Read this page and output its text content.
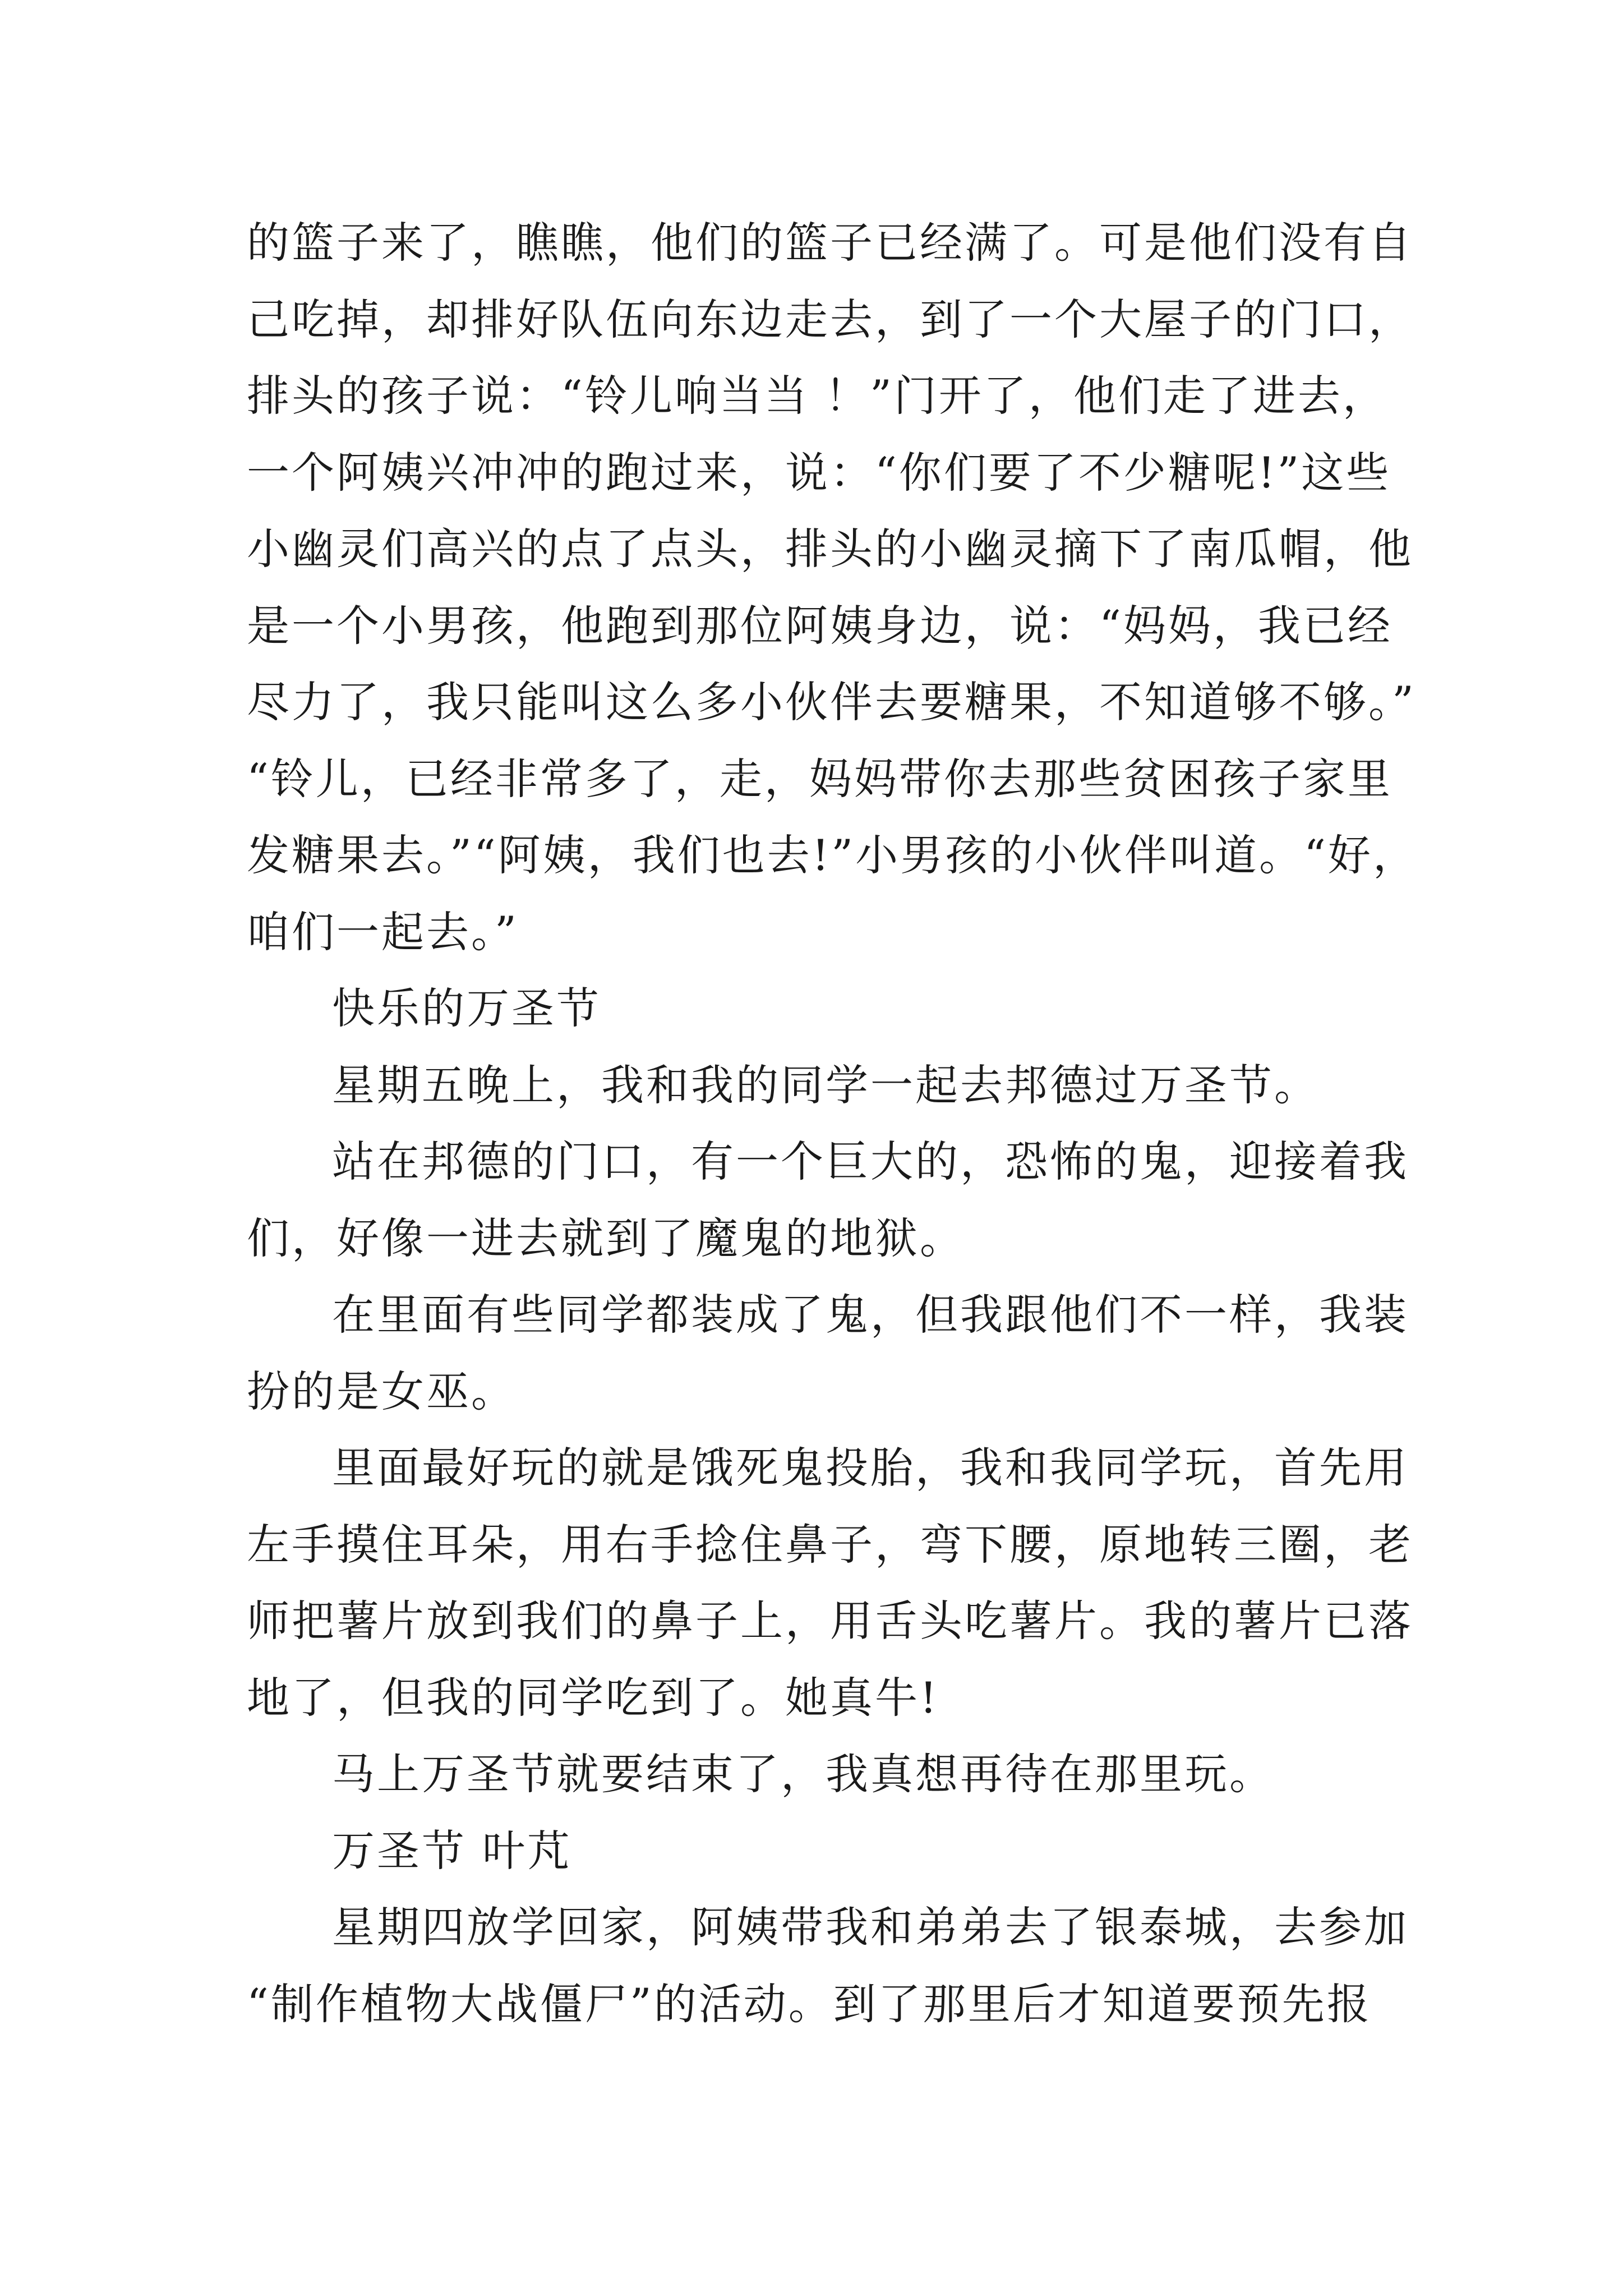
的篮子来了，瞧瞧，他们的篮子已经满了。可是他们没有自
己吃掉，却排好队伍向东边走去，到了一个大屋子的门口，
排头的孩子说：“铃儿响当当 ！”门开了，他们走了进去，
一个阿姨兴冲冲的跑过来，说：“你们要了不少糖呢!”这些
小幽灵们高兴的点了点头，排头的小幽灵摘下了南瓜帽，他
是一个小男孩，他跑到那位阿姨身边，说：“妈妈，我已经
尽力了，我只能叫这么多小伙伴去要糖果，不知道够不够。”
“铃儿，已经非常多了，走，妈妈带你去那些贫困孩子家里
发糖果去。”“阿姨，我们也去!”小男孩的小伙伴叫道。“好，
咱们一起去。”
快乐的万圣节
星期五晚上，我和我的同学一起去邦德过万圣节。
站在邦德的门口，有一个巨大的，恐怖的鬼，迎接着我
们，好像一进去就到了魔鬼的地狱。
在里面有些同学都装成了鬼，但我跟他们不一样，我装
扮的是女巫。
里面最好玩的就是饿死鬼投胎，我和我同学玩，首先用
左手摸住耳朵，用右手捻住鼻子，弯下腰，原地转三圈，老
师把薯片放到我们的鼻子上，用舌头吃薯片。我的薯片已落
地了，但我的同学吃到了。她真牛!
马上万圣节就要结束了，我真想再待在那里玩。
万圣节 叶芃
星期四放学回家，阿姨带我和弟弟去了银泰城，去参加
“制作植物大战僵尸”的活动。到了那里后才知道要预先报
